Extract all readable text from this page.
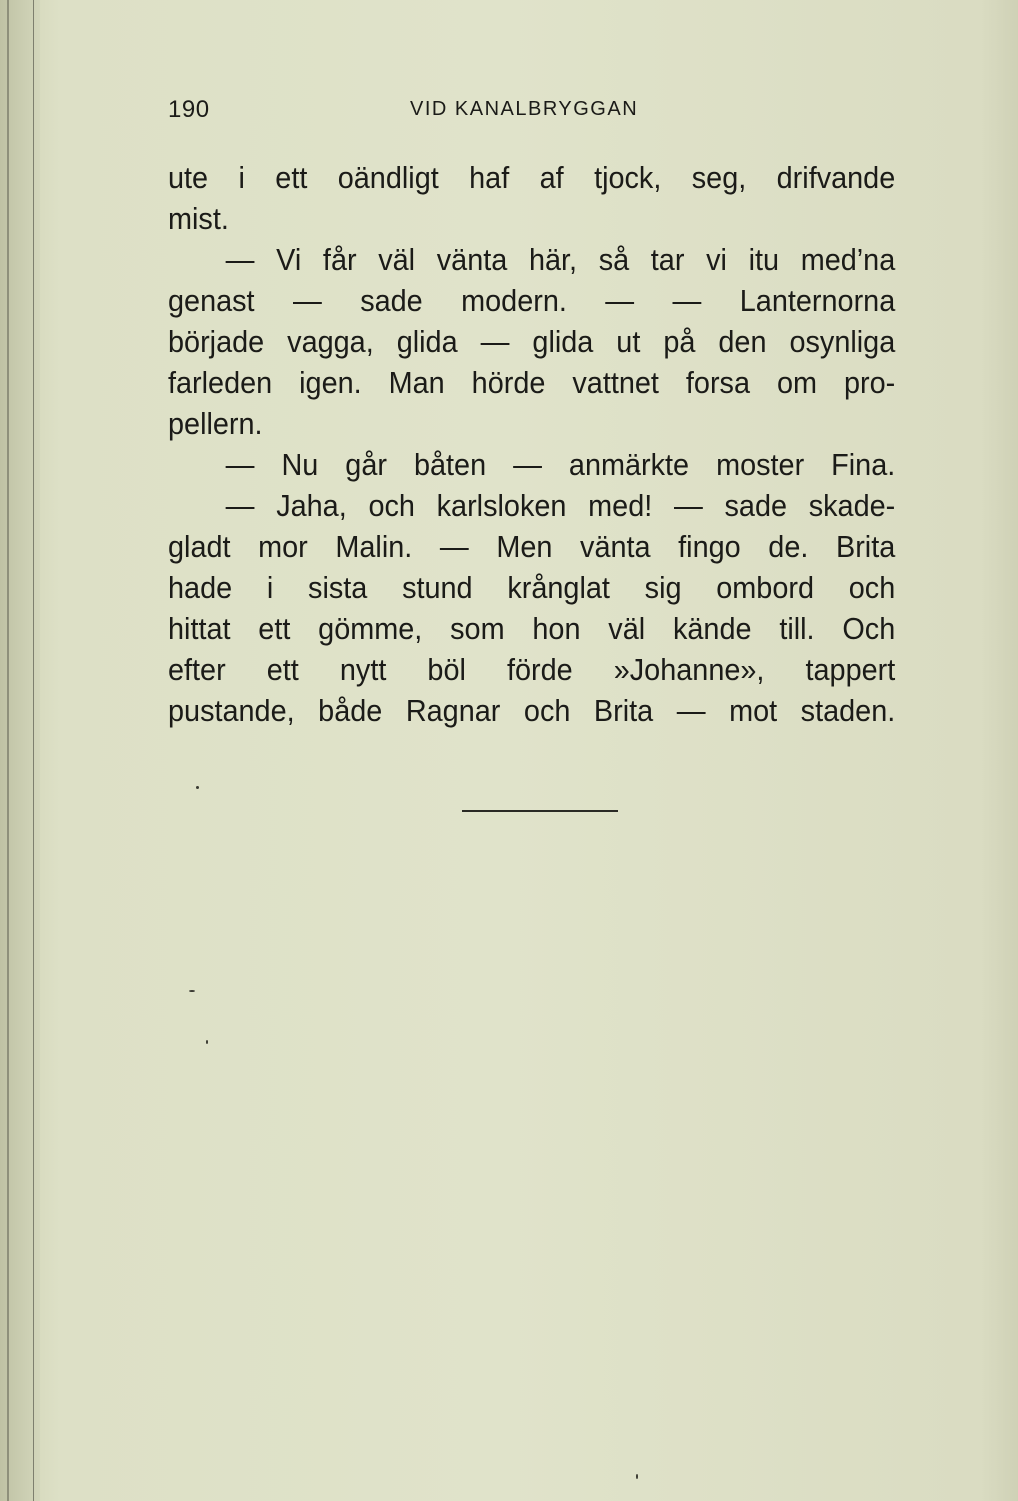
190	VID KANALBRYGGAN
ute i ett oändligt haf af tjock, seg, drifvande
mist.
— Vi får väl vänta här, så tar vi itu med’na
genast — sade modern. — — Lanternorna
började vagga, glida — glida ut på den osynliga
farleden igen. Man hörde vattnet forsa om pro-
pellern.
— Nu går båten — anmärkte moster Fina.
— Jaha, och karlsloken med! — sade skade-
gladt mor Malin. — Men vänta fingo de. Brita
hade i sista stund krånglat sig ombord och
hittat ett gömme, som hon väl kände till. Och
efter ett nytt böl förde »Johanne», tappert
pustande, både Ragnar och Brita — mot staden.
